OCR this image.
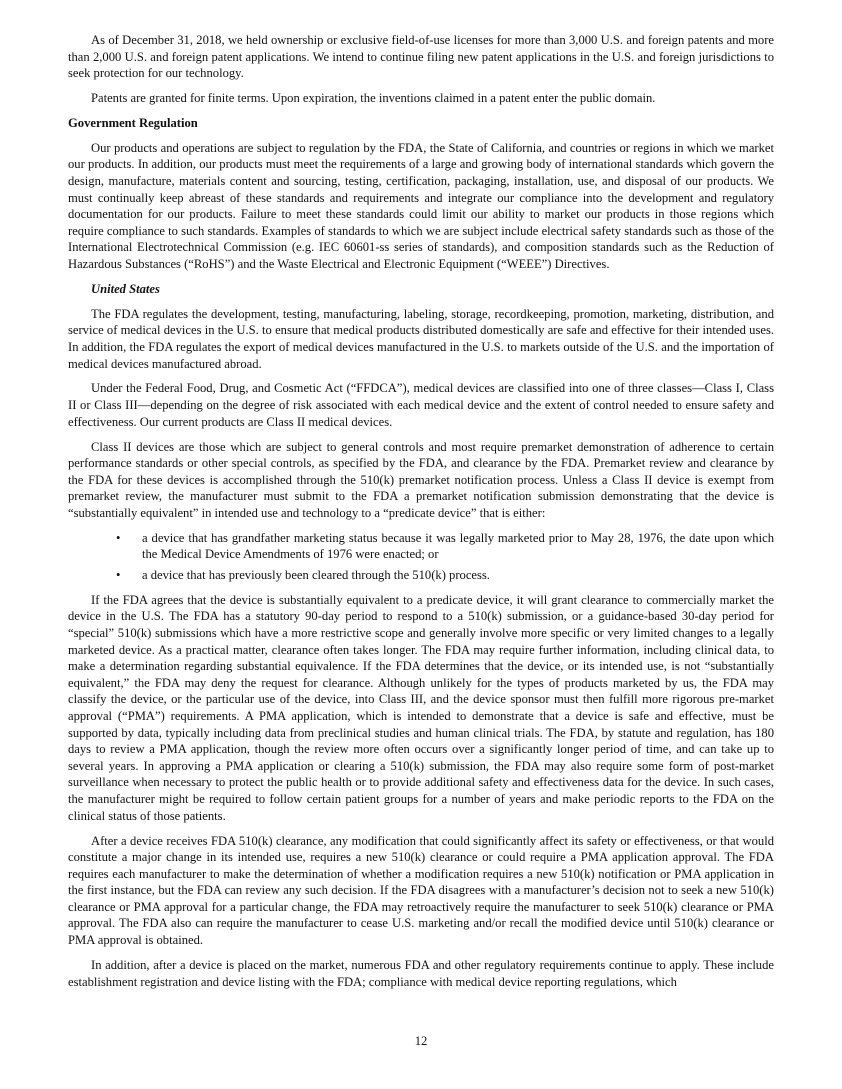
As of December 31, 2018, we held ownership or exclusive field-of-use licenses for more than 3,000 U.S. and foreign patents and more than 2,000 U.S. and foreign patent applications. We intend to continue filing new patent applications in the U.S. and foreign jurisdictions to seek protection for our technology.

Patents are granted for finite terms. Upon expiration, the inventions claimed in a patent enter the public domain.

Government Regulation

Our products and operations are subject to regulation by the FDA, the State of California, and countries or regions in which we market our products. In addition, our products must meet the requirements of a large and growing body of international standards which govern the design, manufacture, materials content and sourcing, testing, certification, packaging, installation, use, and disposal of our products. We must continually keep abreast of these standards and requirements and integrate our compliance into the development and regulatory documentation for our products. Failure to meet these standards could limit our ability to market our products in those regions which require compliance to such standards. Examples of standards to which we are subject include electrical safety standards such as those of the International Electrotechnical Commission (e.g. IEC 60601-ss series of standards), and composition standards such as the Reduction of Hazardous Substances (“RoHS”) and the Waste Electrical and Electronic Equipment (“WEEE”) Directives.

United States

The FDA regulates the development, testing, manufacturing, labeling, storage, recordkeeping, promotion, marketing, distribution, and service of medical devices in the U.S. to ensure that medical products distributed domestically are safe and effective for their intended uses. In addition, the FDA regulates the export of medical devices manufactured in the U.S. to markets outside of the U.S. and the importation of medical devices manufactured abroad.

Under the Federal Food, Drug, and Cosmetic Act (“FFDCA”), medical devices are classified into one of three classes—Class I, Class II or Class III—depending on the degree of risk associated with each medical device and the extent of control needed to ensure safety and effectiveness. Our current products are Class II medical devices.

Class II devices are those which are subject to general controls and most require premarket demonstration of adherence to certain performance standards or other special controls, as specified by the FDA, and clearance by the FDA. Premarket review and clearance by the FDA for these devices is accomplished through the 510(k) premarket notification process. Unless a Class II device is exempt from premarket review, the manufacturer must submit to the FDA a premarket notification submission demonstrating that the device is “substantially equivalent” in intended use and technology to a “predicate device” that is either:

• a device that has grandfather marketing status because it was legally marketed prior to May 28, 1976, the date upon which the Medical Device Amendments of 1976 were enacted; or
• a device that has previously been cleared through the 510(k) process.

If the FDA agrees that the device is substantially equivalent to a predicate device, it will grant clearance to commercially market the device in the U.S. The FDA has a statutory 90-day period to respond to a 510(k) submission, or a guidance-based 30-day period for “special” 510(k) submissions which have a more restrictive scope and generally involve more specific or very limited changes to a legally marketed device. As a practical matter, clearance often takes longer. The FDA may require further information, including clinical data, to make a determination regarding substantial equivalence. If the FDA determines that the device, or its intended use, is not “substantially equivalent,” the FDA may deny the request for clearance. Although unlikely for the types of products marketed by us, the FDA may classify the device, or the particular use of the device, into Class III, and the device sponsor must then fulfill more rigorous pre-market approval (“PMA”) requirements. A PMA application, which is intended to demonstrate that a device is safe and effective, must be supported by data, typically including data from preclinical studies and human clinical trials. The FDA, by statute and regulation, has 180 days to review a PMA application, though the review more often occurs over a significantly longer period of time, and can take up to several years. In approving a PMA application or clearing a 510(k) submission, the FDA may also require some form of post-market surveillance when necessary to protect the public health or to provide additional safety and effectiveness data for the device. In such cases, the manufacturer might be required to follow certain patient groups for a number of years and make periodic reports to the FDA on the clinical status of those patients.

After a device receives FDA 510(k) clearance, any modification that could significantly affect its safety or effectiveness, or that would constitute a major change in its intended use, requires a new 510(k) clearance or could require a PMA application approval. The FDA requires each manufacturer to make the determination of whether a modification requires a new 510(k) notification or PMA application in the first instance, but the FDA can review any such decision. If the FDA disagrees with a manufacturer’s decision not to seek a new 510(k) clearance or PMA approval for a particular change, the FDA may retroactively require the manufacturer to seek 510(k) clearance or PMA approval. The FDA also can require the manufacturer to cease U.S. marketing and/or recall the modified device until 510(k) clearance or PMA approval is obtained.

In addition, after a device is placed on the market, numerous FDA and other regulatory requirements continue to apply. These include establishment registration and device listing with the FDA; compliance with medical device reporting regulations, which

12
